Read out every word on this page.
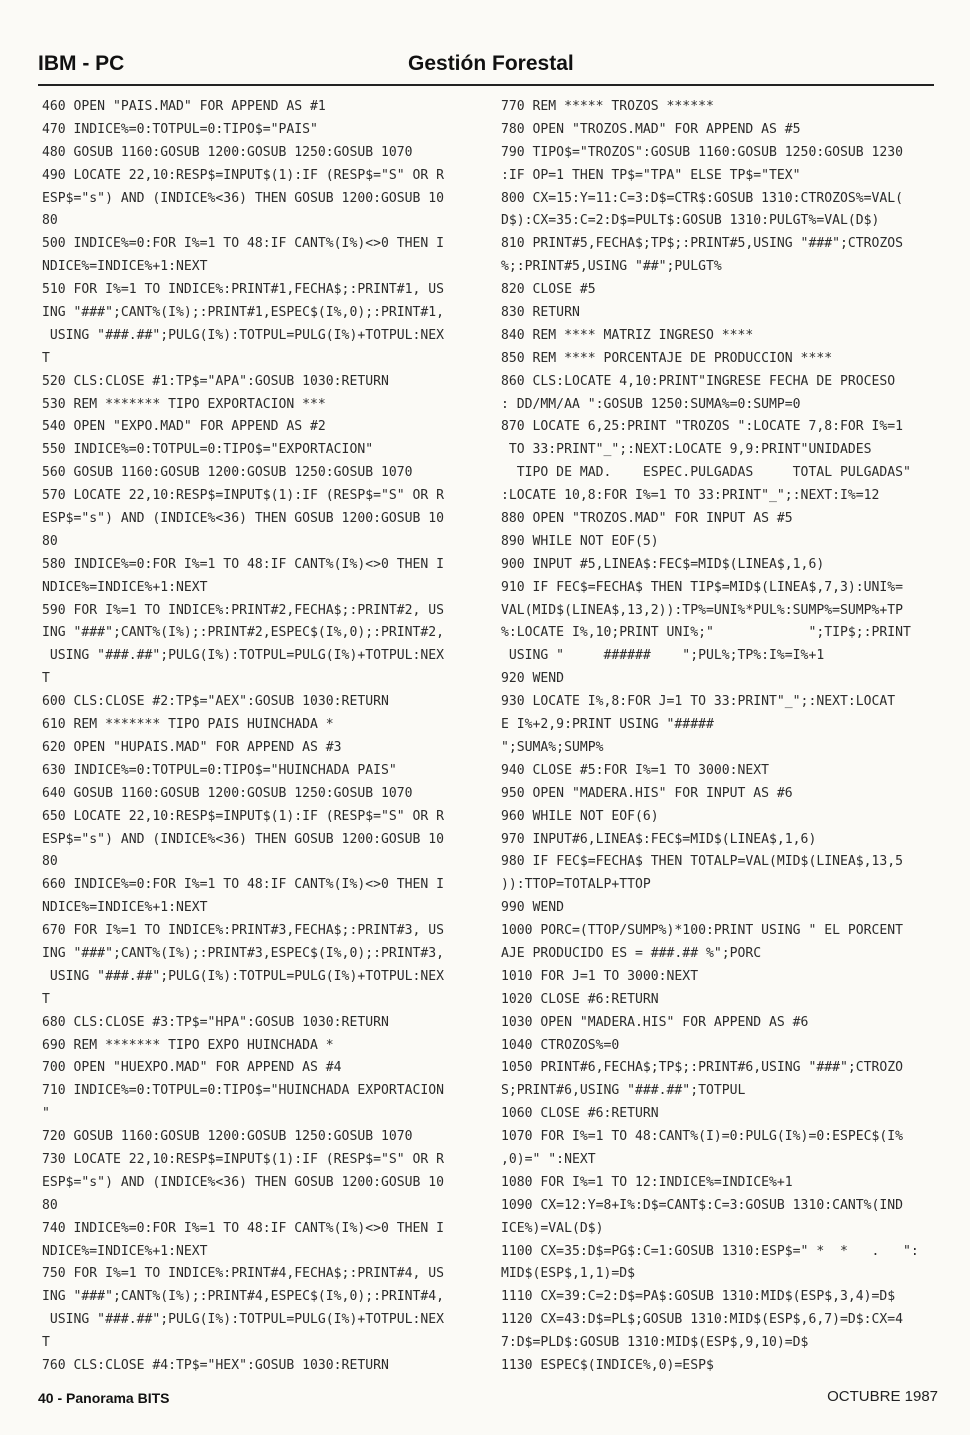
IBM - PC	Gestión Forestal
460 OPEN "PAIS.MAD" FOR APPEND AS #1
470 INDICE%=0:TOTPUL=0:TIPO$="PAIS"
480 GOSUB 1160:GOSUB 1200:GOSUB 1250:GOSUB 1070
490 LOCATE 22,10:RESP$=INPUT$(1):IF (RESP$="S" OR R
ESP$="s") AND (INDICE%<36) THEN GOSUB 1200:GOSUB 10
80
500 INDICE%=0:FOR I%=1 TO 48:IF CANT%(I%)<>0 THEN I
NDICE%=INDICE%+1:NEXT
510 FOR I%=1 TO INDICE%:PRINT#1,FECHA$;:PRINT#1, US
ING "###";CANT%(I%);:PRINT#1,ESPEC$(I%,0);:PRINT#1,
USING "###.##";PULG(I%):TOTPUL=PULG(I%)+TOTPUL:NEX
T
520 CLS:CLOSE #1:TP$="APA":GOSUB 1030:RETURN
530 REM ******* TIPO EXPORTACION ***
540 OPEN "EXPO.MAD" FOR APPEND AS #2
550 INDICE%=0:TOTPUL=0:TIPO$="EXPORTACION"
560 GOSUB 1160:GOSUB 1200:GOSUB 1250:GOSUB 1070
570 LOCATE 22,10:RESP$=INPUT$(1):IF (RESP$="S" OR R
ESP$="s") AND (INDICE%<36) THEN GOSUB 1200:GOSUB 10
80
580 INDICE%=0:FOR I%=1 TO 48:IF CANT%(I%)<>0 THEN I
NDICE%=INDICE%+1:NEXT
590 FOR I%=1 TO INDICE%:PRINT#2,FECHA$;:PRINT#2, US
ING "###";CANT%(I%);:PRINT#2,ESPEC$(I%,0);:PRINT#2,
USING "###.##";PULG(I%):TOTPUL=PULG(I%)+TOTPUL:NEX
T
600 CLS:CLOSE #2:TP$="AEX":GOSUB 1030:RETURN
610 REM ******* TIPO PAIS HUINCHADA *
620 OPEN "HUPAIS.MAD" FOR APPEND AS #3
630 INDICE%=0:TOTPUL=0:TIPO$="HUINCHADA PAIS"
640 GOSUB 1160:GOSUB 1200:GOSUB 1250:GOSUB 1070
650 LOCATE 22,10:RESP$=INPUT$(1):IF (RESP$="S" OR R
ESP$="s") AND (INDICE%<36) THEN GOSUB 1200:GOSUB 10
80
660 INDICE%=0:FOR I%=1 TO 48:IF CANT%(I%)<>0 THEN I
NDICE%=INDICE%+1:NEXT
670 FOR I%=1 TO INDICE%:PRINT#3,FECHA$;:PRINT#3, US
ING "###";CANT%(I%);:PRINT#3,ESPEC$(I%,0);:PRINT#3,
USING "###.##";PULG(I%):TOTPUL=PULG(I%)+TOTPUL:NEX
T
680 CLS:CLOSE #3:TP$="HPA":GOSUB 1030:RETURN
690 REM ******* TIPO EXPO HUINCHADA *
700 OPEN "HUEXPO.MAD" FOR APPEND AS #4
710 INDICE%=0:TOTPUL=0:TIPO$="HUINCHADA EXPORTACION
"
720 GOSUB 1160:GOSUB 1200:GOSUB 1250:GOSUB 1070
730 LOCATE 22,10:RESP$=INPUT$(1):IF (RESP$="S" OR R
ESP$="s") AND (INDICE%<36) THEN GOSUB 1200:GOSUB 10
80
740 INDICE%=0:FOR I%=1 TO 48:IF CANT%(I%)<>0 THEN I
NDICE%=INDICE%+1:NEXT
750 FOR I%=1 TO INDICE%:PRINT#4,FECHA$;:PRINT#4, US
ING "###";CANT%(I%);:PRINT#4,ESPEC$(I%,0);:PRINT#4,
USING "###.##";PULG(I%):TOTPUL=PULG(I%)+TOTPUL:NEX
T
760 CLS:CLOSE #4:TP$="HEX":GOSUB 1030:RETURN
770 REM ***** TROZOS ******
780 OPEN "TROZOS.MAD" FOR APPEND AS #5
790 TIPO$="TROZOS":GOSUB 1160:GOSUB 1250:GOSUB 1230
:IF OP=1 THEN TP$="TPA" ELSE TP$="TEX"
800 CX=15:Y=11:C=3:D$=CTR$:GOSUB 1310:CTROZOS%=VAL(
D$):CX=35:C=2:D$=PULT$:GOSUB 1310:PULGT%=VAL(D$)
810 PRINT#5,FECHA$;TP$;:PRINT#5,USING "###";CTROZOS
%;:PRINT#5,USING "##";PULGT%
820 CLOSE #5
830 RETURN
840 REM **** MATRIZ INGRESO ****
850 REM **** PORCENTAJE DE PRODUCCION ****
860 CLS:LOCATE 4,10:PRINT"INGRESE FECHA DE PROCESO
: DD/MM/AA ":GOSUB 1250:SUMA%=0:SUMP=0
870 LOCATE 6,25:PRINT "TROZOS ":LOCATE 7,8:FOR I%=1
TO 33:PRINT"_";:NEXT:LOCATE 9,9:PRINT"UNIDADES
TIPO DE MAD.    ESPEC.PULGADAS     TOTAL PULGADAS"
:LOCATE 10,8:FOR I%=1 TO 33:PRINT"_";:NEXT:I%=12
880 OPEN "TROZOS.MAD" FOR INPUT AS #5
890 WHILE NOT EOF(5)
900 INPUT #5,LINEA$:FEC$=MID$(LINEA$,1,6)
910 IF FEC$=FECHA$ THEN TIP$=MID$(LINEA$,7,3):UNI%=
VAL(MID$(LINEA$,13,2)):TP%=UNI%*PUL%:SUMP%=SUMP%+TP
%:LOCATE I%,10;PRINT UNI%;"            ";TIP$;:PRINT
USING "     ######    ";PUL%;TP%:I%=I%+1
920 WEND
930 LOCATE I%,8:FOR J=1 TO 33:PRINT"_";:NEXT:LOCAT
E I%+2,9:PRINT USING "#####
";SUMA%;SUMP%
940 CLOSE #5:FOR I%=1 TO 3000:NEXT
950 OPEN "MADERA.HIS" FOR INPUT AS #6
960 WHILE NOT EOF(6)
970 INPUT#6,LINEA$:FEC$=MID$(LINEA$,1,6)
980 IF FEC$=FECHA$ THEN TOTALP=VAL(MID$(LINEA$,13,5
)):TTOP=TOTALP+TTOP
990 WEND
1000 PORC=(TTOP/SUMP%)*100:PRINT USING " EL PORCENT
AJE PRODUCIDO ES = ###.## %";PORC
1010 FOR J=1 TO 3000:NEXT
1020 CLOSE #6:RETURN
1030 OPEN "MADERA.HIS" FOR APPEND AS #6
1040 CTROZOS%=0
1050 PRINT#6,FECHA$;TP$;:PRINT#6,USING "###";CTROZO
S;PRINT#6,USING "###.##";TOTPUL
1060 CLOSE #6:RETURN
1070 FOR I%=1 TO 48:CANT%(I)=0:PULG(I%)=0:ESPEC$(I%
,0)=" ":NEXT
1080 FOR I%=1 TO 12:INDICE%=INDICE%+1
1090 CX=12:Y=8+I%:D$=CANT$:C=3:GOSUB 1310:CANT%(IND
ICE%)=VAL(D$)
1100 CX=35:D$=PG$:C=1:GOSUB 1310:ESP$=" *  *   .   ":
MID$(ESP$,1,1)=D$
1110 CX=39:C=2:D$=PA$:GOSUB 1310:MID$(ESP$,3,4)=D$
1120 CX=43:D$=PL$;GOSUB 1310:MID$(ESP$,6,7)=D$:CX=4
7:D$=PLD$:GOSUB 1310:MID$(ESP$,9,10)=D$
1130 ESPEC$(INDICE%,0)=ESP$
40 - Panorama BITS	OCTUBRE 1987
